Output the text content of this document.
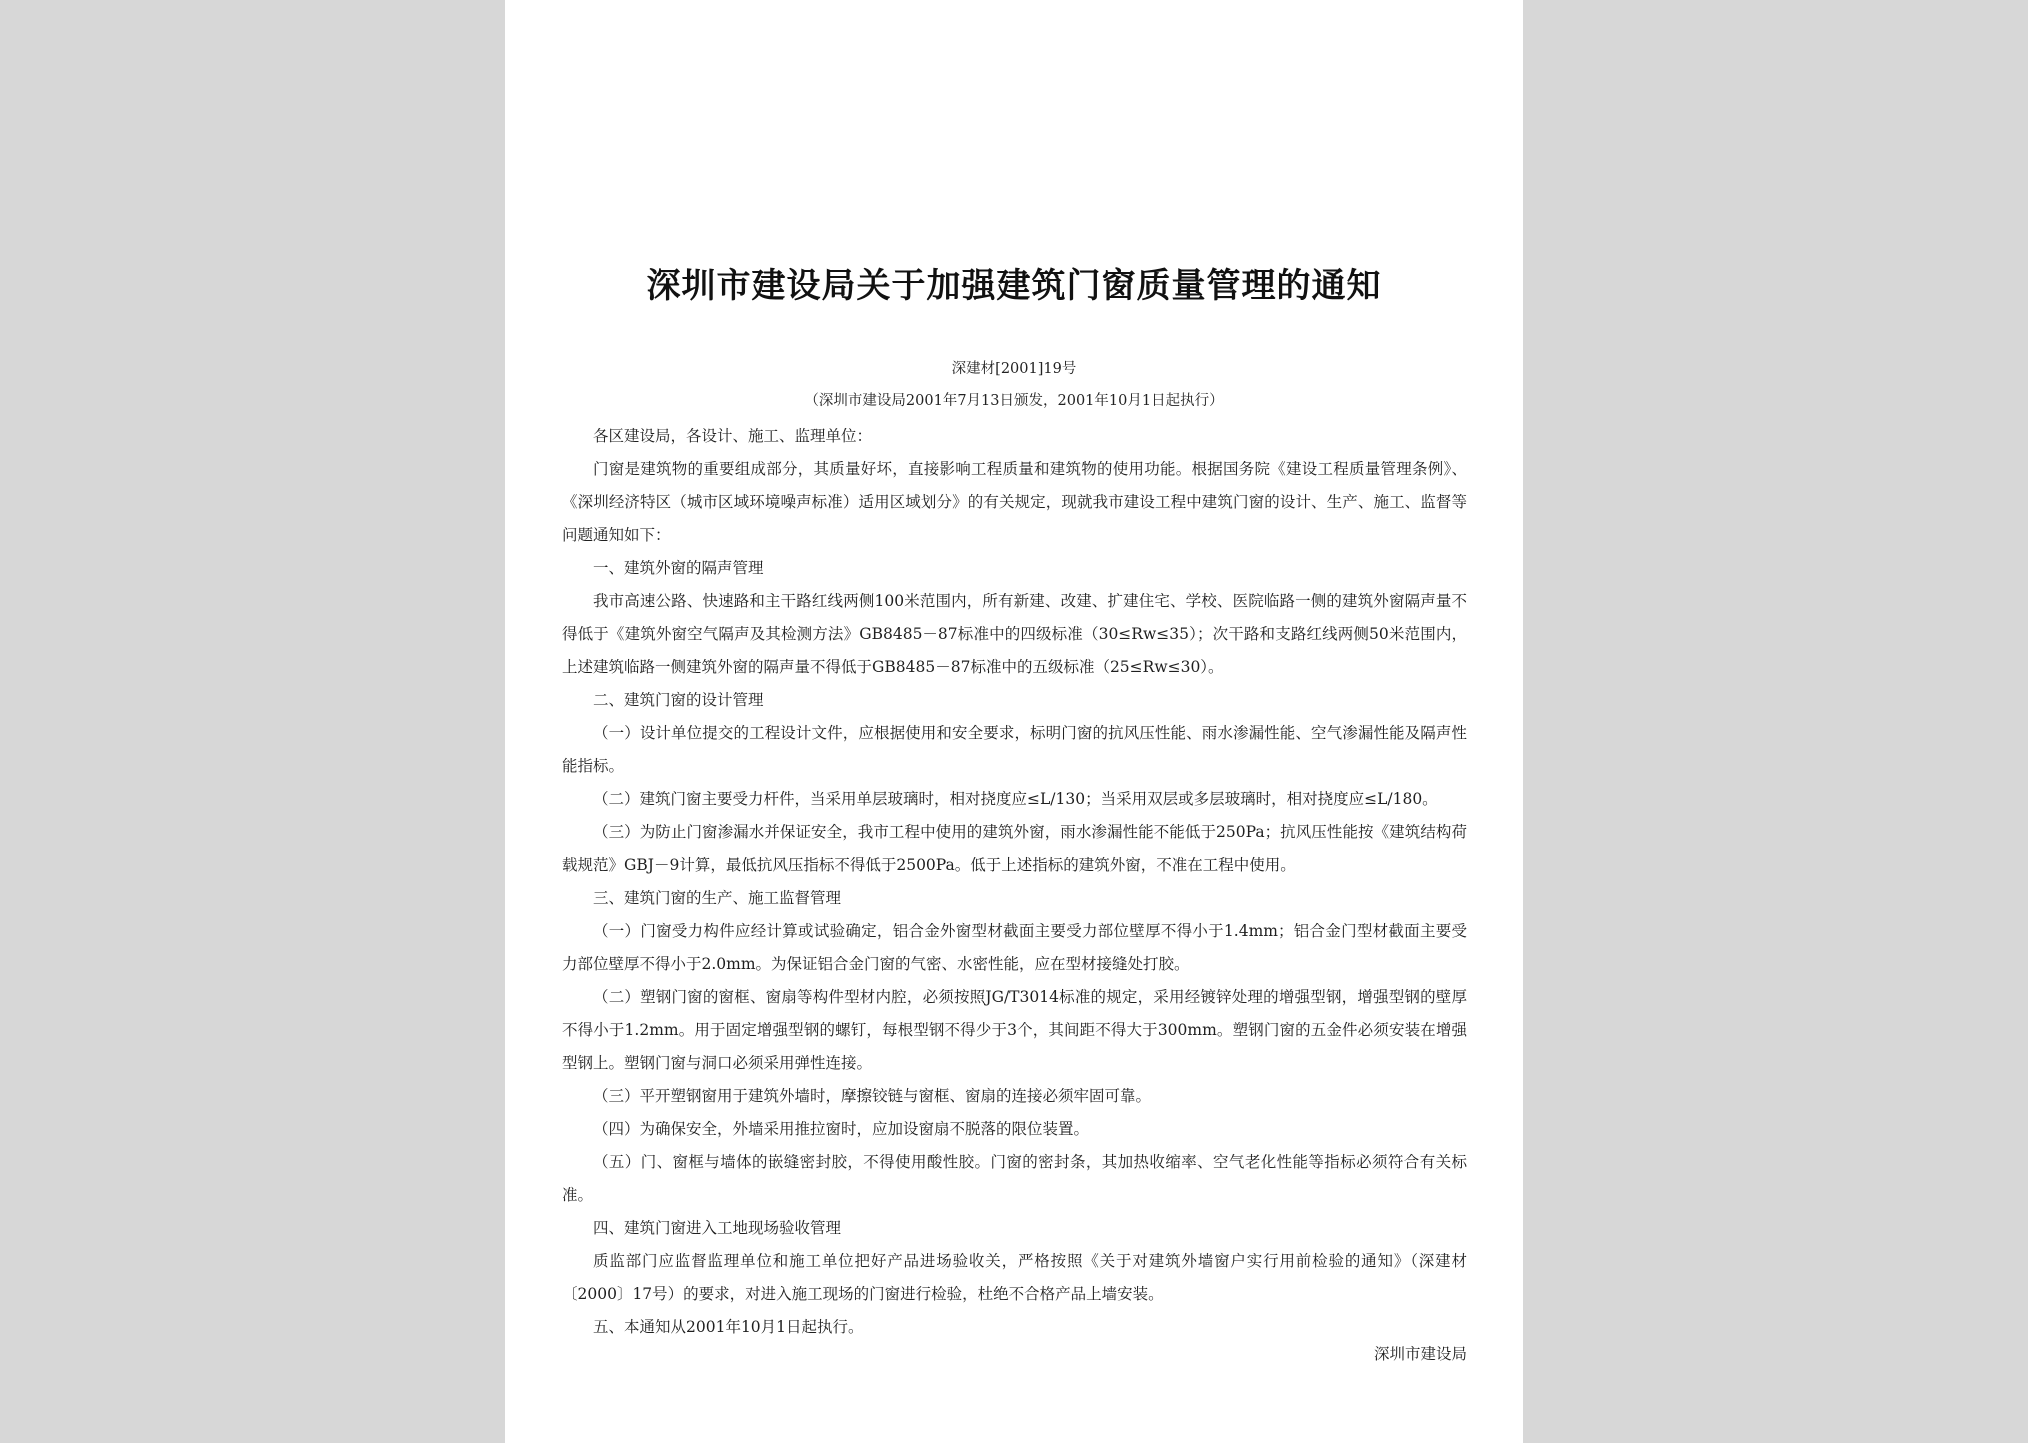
深圳市建设局关于加强建筑门窗质量管理的通知
深建材[2001]19号
（深圳市建设局2001年7月13日颁发，2001年10月1日起执行）

各区建设局，各设计、施工、监理单位：

门窗是建筑物的重要组成部分，其质量好坏，直接影响工程质量和建筑物的使用功能。根据国务院《建设工程质量管理条例》、《深圳经济特区（城市区域环境噪声标准）适用区域划分》的有关规定，现就我市建设工程中建筑门窗的设计、生产、施工、监督等问题通知如下：

一、建筑外窗的隔声管理

我市高速公路、快速路和主干路红线两侧100米范围内，所有新建、改建、扩建住宅、学校、医院临路一侧的建筑外窗隔声量不得低于《建筑外窗空气隔声及其检测方法》GB8485－87标准中的四级标准（30≤Rw≤35）；次干路和支路红线两侧50米范围内，上述建筑临路一侧建筑外窗的隔声量不得低于GB8485－87标准中的五级标准（25≤Rw≤30）。

二、建筑门窗的设计管理

（一）设计单位提交的工程设计文件，应根据使用和安全要求，标明门窗的抗风压性能、雨水渗漏性能、空气渗漏性能及隔声性能指标。

（二）建筑门窗主要受力杆件，当采用单层玻璃时，相对挠度应≤L/130；当采用双层或多层玻璃时，相对挠度应≤L/180。

（三）为防止门窗渗漏水并保证安全，我市工程中使用的建筑外窗，雨水渗漏性能不能低于250Pa；抗风压性能按《建筑结构荷载规范》GBJ－9计算，最低抗风压指标不得低于2500Pa。低于上述指标的建筑外窗，不准在工程中使用。

三、建筑门窗的生产、施工监督管理

（一）门窗受力构件应经计算或试验确定，铝合金外窗型材截面主要受力部位壁厚不得小于1.4mm；铝合金门型材截面主要受力部位壁厚不得小于2.0mm。为保证铝合金门窗的气密、水密性能，应在型材接缝处打胶。

（二）塑钢门窗的窗框、窗扇等构件型材内腔，必须按照JG/T3014标准的规定，采用经镀锌处理的增强型钢，增强型钢的壁厚不得小于1.2mm。用于固定增强型钢的螺钉，每根型钢不得少于3个，其间距不得大于300mm。塑钢门窗的五金件必须安装在增强型钢上。塑钢门窗与洞口必须采用弹性连接。

（三）平开塑钢窗用于建筑外墙时，摩擦铰链与窗框、窗扇的连接必须牢固可靠。

（四）为确保安全，外墙采用推拉窗时，应加设窗扇不脱落的限位装置。

（五）门、窗框与墙体的嵌缝密封胶，不得使用酸性胶。门窗的密封条，其加热收缩率、空气老化性能等指标必须符合有关标准。

四、建筑门窗进入工地现场验收管理

质监部门应监督监理单位和施工单位把好产品进场验收关，严格按照《关于对建筑外墙窗户实行用前检验的通知》（深建材〔2000〕17号）的要求，对进入施工现场的门窗进行检验，杜绝不合格产品上墙安装。

五、本通知从2001年10月1日起执行。

深圳市建设局
